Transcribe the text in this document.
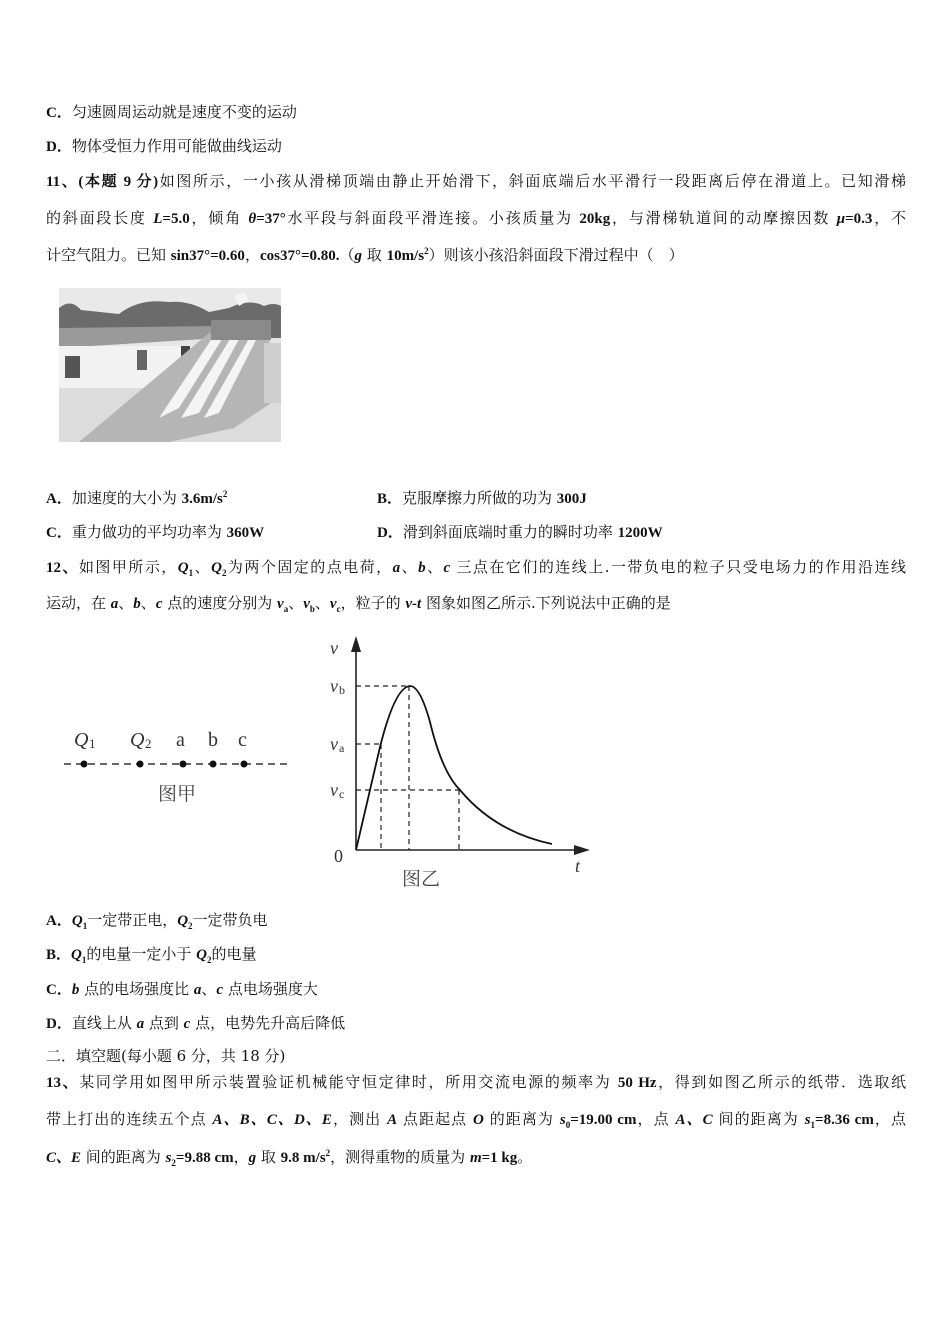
C．匀速圆周运动就是速度不变的运动
D．物体受恒力作用可能做曲线运动
11、(本题 9 分)如图所示，一小孩从滑梯顶端由静止开始滑下，斜面底端后水平滑行一段距离后停在滑道上。已知滑梯
的斜面段长度 L=5.0，倾角 θ=37°水平段与斜面段平滑连接。小孩质量为 20kg，与滑梯轨道间的动摩擦因数 μ=0.3，不
计空气阻力。已知 sin37°=0.60，cos37°=0.80.（g 取 $10m/s^2$）则该小孩沿斜面段下滑过程中（　）
A．加速度的大小为 $3.6m/s^2$	B．克服摩擦力所做的功为 300J
C．重力做功的平均功率为 360W	D．滑到斜面底端时重力的瞬时功率 1200W
12、如图甲所示，$Q_1$、$Q_2$为两个固定的点电荷，a、b、c 三点在它们的连线上.一带负电的粒子只受电场力的作用沿连线
运动，在 a、b、c 点的速度分别为 $v_a$、$v_b$、$v_c$，粒子的 v-t 图象如图乙所示.下列说法中正确的是
Q 1 Q 2 a b c
图甲
v
v b
v a
v c
0	t
图乙
A．$Q_1$一定带正电，$Q_2$一定带负电
B．$Q_1$的电量一定小于 $Q_2$的电量
C．b 点的电场强度比 a、c 点电场强度大
D．直线上从 a 点到 c 点，电势先升高后降低
二．填空题(每小题 6 分，共 18 分)
13、某同学用如图甲所示装置验证机械能守恒定律时，所用交流电源的频率为 50 Hz，得到如图乙所示的纸带．选取纸
带上打出的连续五个点 A、B、C、D、E，测出 A 点距起点 O 的距离为 $s_0=19.00$ cm，点 A、C 间的距离为 $s_1=8.36$ cm，点
C、E 间的距离为 $s_2=9.88$ cm，g 取 9.8 $m/s^2$，测得重物的质量为 m=1 kg。
